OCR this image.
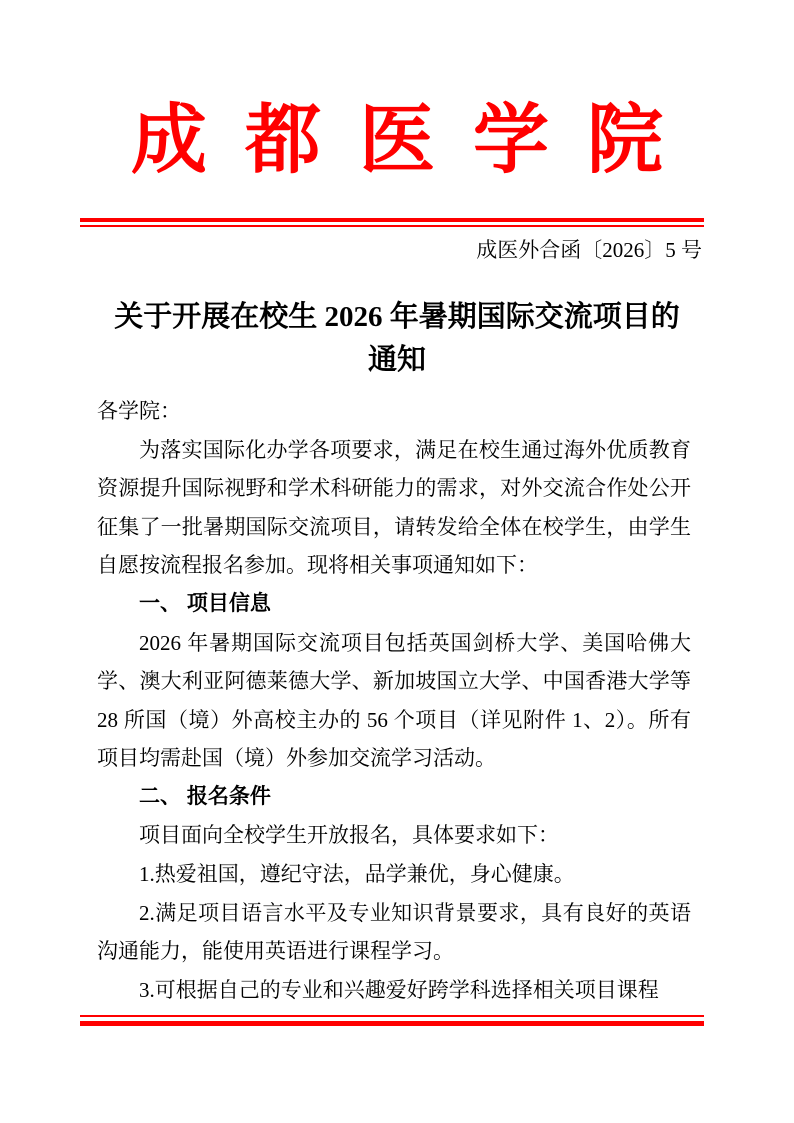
成都医学院
成医外合函〔2026〕5 号
关于开展在校生 2026 年暑期国际交流项目的
通知

各学院：

为落实国际化办学各项要求，满足在校生通过海外优质教育资源提升国际视野和学术科研能力的需求，对外交流合作处公开征集了一批暑期国际交流项目，请转发给全体在校学生，由学生自愿按流程报名参加。现将相关事项通知如下：

一、 项目信息

2026 年暑期国际交流项目包括英国剑桥大学、美国哈佛大学、澳大利亚阿德莱德大学、新加坡国立大学、中国香港大学等 28 所国（境）外高校主办的 56 个项目（详见附件 1、2）。所有项目均需赴国（境）外参加交流学习活动。

二、 报名条件

项目面向全校学生开放报名，具体要求如下：

1.热爱祖国，遵纪守法，品学兼优，身心健康。

2.满足项目语言水平及专业知识背景要求，具有良好的英语沟通能力，能使用英语进行课程学习。

3.可根据自己的专业和兴趣爱好跨学科选择相关项目课程
